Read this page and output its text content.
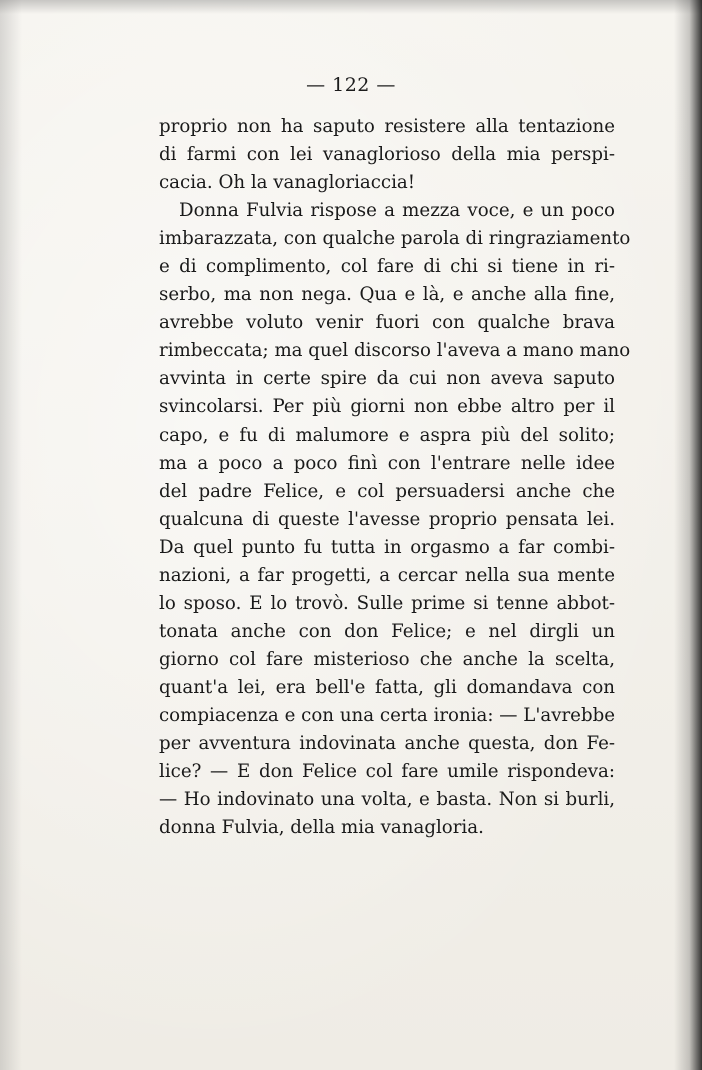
— 122 —
proprio non ha saputo resistere alla tentazione
di farmi con lei vanaglorioso della mia perspi-
cacia. Oh la vanagloriaccia!
Donna Fulvia rispose a mezza voce, e un poco
imbarazzata, con qualche parola di ringraziamento
e di complimento, col fare di chi si tiene in ri-
serbo, ma non nega. Qua e là, e anche alla fine,
avrebbe voluto venir fuori con qualche brava
rimbeccata; ma quel discorso l'aveva a mano mano
avvinta in certe spire da cui non aveva saputo
svincolarsi. Per più giorni non ebbe altro per il
capo, e fu di malumore e aspra più del solito;
ma a poco a poco finì con l'entrare nelle idee
del padre Felice, e col persuadersi anche che
qualcuna di queste l'avesse proprio pensata lei.
Da quel punto fu tutta in orgasmo a far combi-
nazioni, a far progetti, a cercar nella sua mente
lo sposo. E lo trovò. Sulle prime si tenne abbot-
tonata anche con don Felice; e nel dirgli un
giorno col fare misterioso che anche la scelta,
quant'a lei, era bell'e fatta, gli domandava con
compiacenza e con una certa ironia: — L'avrebbe
per avventura indovinata anche questa, don Fe-
lice? — E don Felice col fare umile rispondeva:
— Ho indovinato una volta, e basta. Non si burli,
donna Fulvia, della mia vanagloria.
